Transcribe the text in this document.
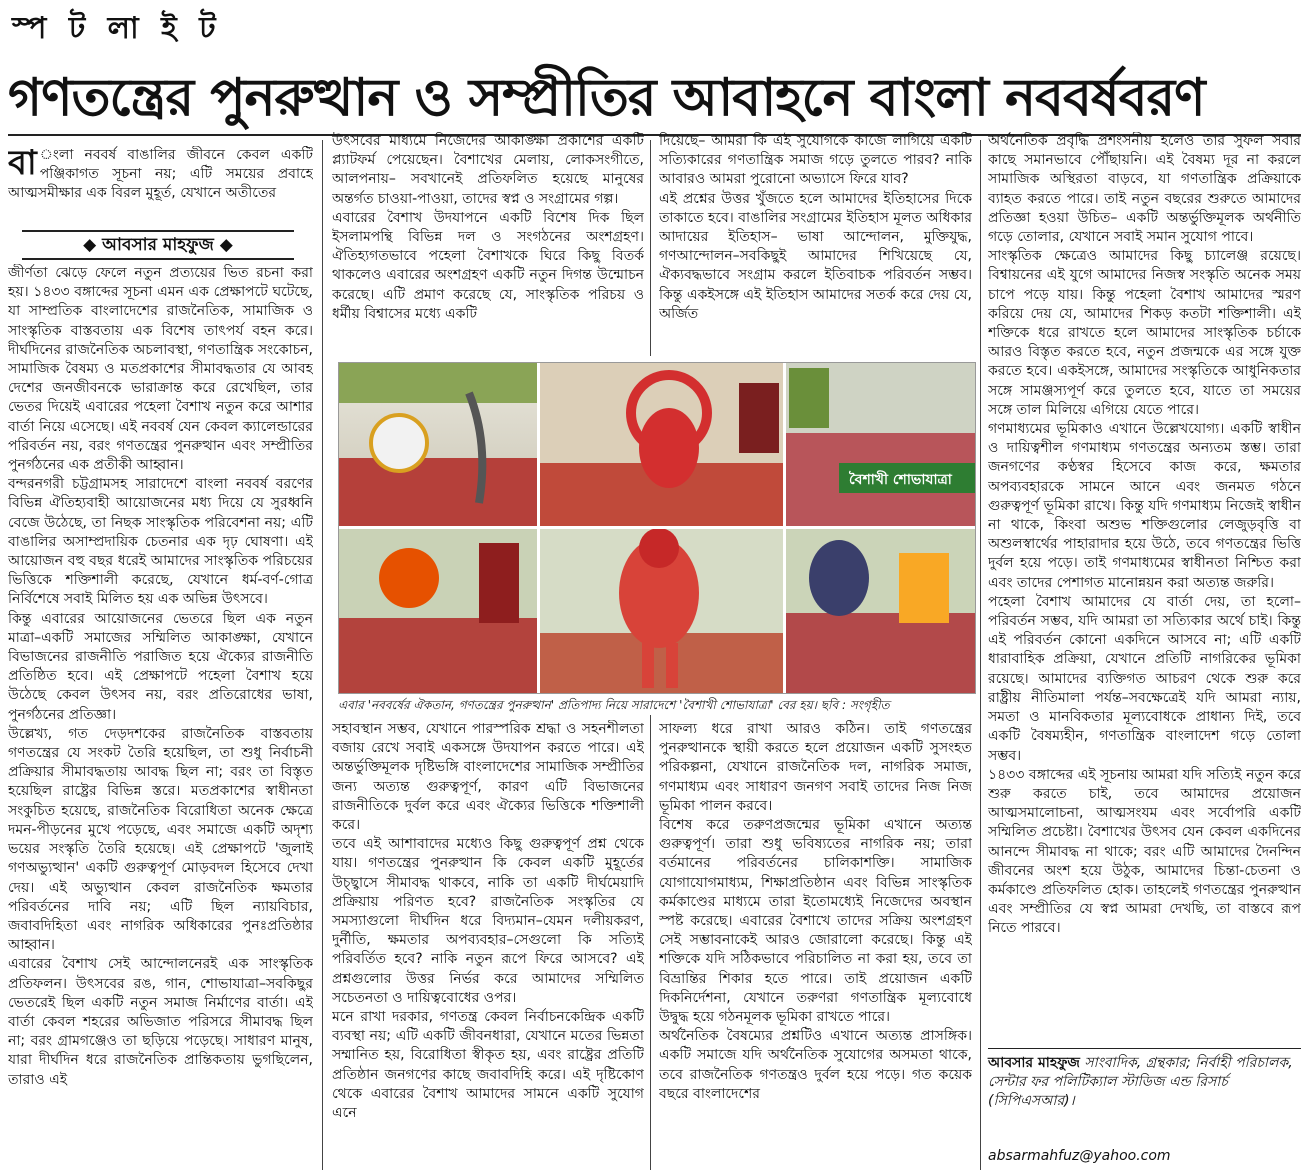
স্প ট লা ই ট
গণতন্ত্রের পুনরুত্থান ও সম্প্রীতির আবাহনে বাংলা নববর্ষবরণ

বা ংলা নববর্ষ বাঙালির জীবনে কেবল একটি পঞ্জিকাগত সূচনা নয়; এটি সময়ের প্রবাহে আত্মসমীক্ষার এক বিরল মুহূর্ত, যেখানে অতীতের

◆ আবসার মাহফুজ ◆

জীর্ণতা ঝেড়ে ফেলে নতুন প্রত্যয়ের ভিত রচনা করা হয়। ১৪৩৩ বঙ্গাব্দের সূচনা এমন এক প্রেক্ষাপটে ঘটেছে, যা সাম্প্রতিক বাংলাদেশের রাজনৈতিক, সামাজিক ও সাংস্কৃতিক বাস্তবতায় এক বিশেষ তাৎপর্য বহন করে। দীর্ঘদিনের রাজনৈতিক অচলাবস্থা, গণতান্ত্রিক সংকোচন, সামাজিক বৈষম্য ও মতপ্রকাশের সীমাবদ্ধতার যে আবহ দেশের জনজীবনকে ভারাক্রান্ত করে রেখেছিল, তার ভেতর দিয়েই এবারের পহেলা বৈশাখ নতুন করে আশার বার্তা নিয়ে এসেছে। এই নববর্ষ যেন কেবল ক্যালেন্ডারের পরিবর্তন নয়, বরং গণতন্ত্রের পুনরুত্থান এবং সম্প্রীতির পুনর্গঠনের এক প্রতীকী আহ্বান।

বন্দরনগরী চট্টগ্রামসহ সারাদেশে বাংলা নববর্ষ বরণের বিভিন্ন ঐতিহ্যবাহী আয়োজনের মধ্য দিয়ে যে সুরধ্বনি বেজে উঠেছে, তা নিছক সাংস্কৃতিক পরিবেশনা নয়; এটি বাঙালির অসাম্প্রদায়িক চেতনার এক দৃঢ় ঘোষণা। এই আয়োজন বহু বছর ধরেই আমাদের সাংস্কৃতিক পরিচয়ের ভিত্তিকে শক্তিশালী করেছে, যেখানে ধর্ম-বর্ণ-গোত্র নির্বিশেষে সবাই মিলিত হয় এক অভিন্ন উৎসবে।

কিন্তু এবারের আয়োজনের ভেতরে ছিল এক নতুন মাত্রা–একটি সমাজের সম্মিলিত আকাঙ্ক্ষা, যেখানে বিভাজনের রাজনীতি পরাজিত হয়ে ঐক্যের রাজনীতি প্রতিষ্ঠিত হবে। এই প্রেক্ষাপটে পহেলা বৈশাখ হয়ে উঠেছে কেবল উৎসব নয়, বরং প্রতিরোধের ভাষা, পুনর্গঠনের প্রতিজ্ঞা।

উল্লেখ্য, গত দেড়দশকের রাজনৈতিক বাস্তবতায় গণতন্ত্রের যে সংকট তৈরি হয়েছিল, তা শুধু নির্বাচনী প্রক্রিয়ার সীমাবদ্ধতায় আবদ্ধ ছিল না; বরং তা বিস্তৃত হয়েছিল রাষ্ট্রের বিভিন্ন স্তরে। মতপ্রকাশের স্বাধীনতা সংকুচিত হয়েছে, রাজনৈতিক বিরোধিতা অনেক ক্ষেত্রে দমন-পীড়নের মুখে পড়েছে, এবং সমাজে একটি অদৃশ্য ভয়ের সংস্কৃতি তৈরি হয়েছে। এই প্রেক্ষাপটে 'জুলাই গণঅভ্যুত্থান' একটি গুরুত্বপূর্ণ মোড়বদল হিসেবে দেখা দেয়। এই অভ্যুত্থান কেবল রাজনৈতিক ক্ষমতার পরিবর্তনের দাবি নয়; এটি ছিল ন্যায়বিচার, জবাবদিহিতা এবং নাগরিক অধিকারের পুনঃপ্রতিষ্ঠার আহ্বান।

এবারের বৈশাখ সেই আন্দোলনেরই এক সাংস্কৃতিক প্রতিফলন। উৎসবের রঙ, গান, শোভাযাত্রা–সবকিছুর ভেতরেই ছিল একটি নতুন সমাজ নির্মাণের বার্তা। এই বার্তা কেবল শহরের অভিজাত পরিসরে সীমাবদ্ধ ছিল না; বরং গ্রামগঞ্জেও তা ছড়িয়ে পড়েছে। সাধারণ মানুষ, যারা দীর্ঘদিন ধরে রাজনৈতিক প্রান্তিকতায় ভুগছিলেন, তারাও এই

উৎসবের মাধ্যমে নিজেদের আকাঙ্ক্ষা প্রকাশের একটি প্ল্যাটফর্ম পেয়েছেন। বৈশাখের মেলায়, লোকসংগীতে, আলপনায়– সবখানেই প্রতিফলিত হয়েছে মানুষের অন্তর্গত চাওয়া-পাওয়া, তাদের স্বপ্ন ও সংগ্রামের গল্প।

এবারের বৈশাখ উদযাপনে একটি বিশেষ দিক ছিল ইসলামপন্থি বিভিন্ন দল ও সংগঠনের অংশগ্রহণ। ঐতিহ্যগতভাবে পহেলা বৈশাখকে ঘিরে কিছু বিতর্ক থাকলেও এবারের অংশগ্রহণ একটি নতুন দিগন্ত উন্মোচন করেছে। এটি প্রমাণ করেছে যে, সাংস্কৃতিক পরিচয় ও ধর্মীয় বিশ্বাসের মধ্যে একটি

সহাবস্থান সম্ভব, যেখানে পারস্পরিক শ্রদ্ধা ও সহনশীলতা বজায় রেখে সবাই একসঙ্গে উদযাপন করতে পারে। এই অন্তর্ভুক্তিমূলক দৃষ্টিভঙ্গি বাংলাদেশের সামাজিক সম্প্রীতির জন্য অত্যন্ত গুরুত্বপূর্ণ, কারণ এটি বিভাজনের রাজনীতিকে দুর্বল করে এবং ঐক্যের ভিত্তিকে শক্তিশালী করে।

তবে এই আশাবাদের মধ্যেও কিছু গুরুত্বপূর্ণ প্রশ্ন থেকে যায়। গণতন্ত্রের পুনরুত্থান কি কেবল একটি মুহূর্তের উচ্ছ্বাসে সীমাবদ্ধ থাকবে, নাকি তা একটি দীর্ঘমেয়াদি প্রক্রিয়ায় পরিণত হবে? রাজনৈতিক সংস্কৃতির যে সমস্যাগুলো দীর্ঘদিন ধরে বিদ্যমান–যেমন দলীয়করণ, দুর্নীতি, ক্ষমতার অপব্যবহার–সেগুলো কি সত্যিই পরিবর্তিত হবে? নাকি নতুন রূপে ফিরে আসবে? এই প্রশ্নগুলোর উত্তর নির্ভর করে আমাদের সম্মিলিত সচেতনতা ও দায়িত্ববোধের ওপর।

মনে রাখা দরকার, গণতন্ত্র কেবল নির্বাচনকেন্দ্রিক একটি ব্যবস্থা নয়; এটি একটি জীবনধারা, যেখানে মতের ভিন্নতা সম্মানিত হয়, বিরোধিতা স্বীকৃত হয়, এবং রাষ্ট্রের প্রতিটি প্রতিষ্ঠান জনগণের কাছে জবাবদিহি করে। এই দৃষ্টিকোণ থেকে এবারের বৈশাখ আমাদের সামনে একটি সুযোগ এনে

দিয়েছে– আমরা কি এই সুযোগকে কাজে লাগিয়ে একটি সত্যিকারের গণতান্ত্রিক সমাজ গড়ে তুলতে পারব? নাকি আবারও আমরা পুরোনো অভ্যাসে ফিরে যাব?

এই প্রশ্নের উত্তর খুঁজতে হলে আমাদের ইতিহাসের দিকে তাকাতে হবে। বাঙালির সংগ্রামের ইতিহাস মূলত অধিকার আদায়ের ইতিহাস– ভাষা আন্দোলন, মুক্তিযুদ্ধ, গণআন্দোলন–সবকিছুই আমাদের শিখিয়েছে যে, ঐক্যবদ্ধভাবে সংগ্রাম করলে ইতিবাচক পরিবর্তন সম্ভব। কিন্তু একইসঙ্গে এই ইতিহাস আমাদের সতর্ক করে দেয় যে, অর্জিত

সাফল্য ধরে রাখা আরও কঠিন। তাই গণতন্ত্রের পুনরুত্থানকে স্থায়ী করতে হলে প্রয়োজন একটি সুসংহত পরিকল্পনা, যেখানে রাজনৈতিক দল, নাগরিক সমাজ, গণমাধ্যম এবং সাধারণ জনগণ সবাই তাদের নিজ নিজ ভূমিকা পালন করবে।

বিশেষ করে তরুণপ্রজন্মের ভূমিকা এখানে অত্যন্ত গুরুত্বপূর্ণ। তারা শুধু ভবিষ্যতের নাগরিক নয়; তারা বর্তমানের পরিবর্তনের চালিকাশক্তি। সামাজিক যোগাযোগমাধ্যম, শিক্ষাপ্রতিষ্ঠান এবং বিভিন্ন সাংস্কৃতিক কর্মকাণ্ডের মাধ্যমে তারা ইতোমধ্যেই নিজেদের অবস্থান স্পষ্ট করেছে। এবারের বৈশাখে তাদের সক্রিয় অংশগ্রহণ সেই সম্ভাবনাকেই আরও জোরালো করেছে। কিন্তু এই শক্তিকে যদি সঠিকভাবে পরিচালিত না করা হয়, তবে তা বিভ্রান্তির শিকার হতে পারে। তাই প্রয়োজন একটি দিকনির্দেশনা, যেখানে তরুণরা গণতান্ত্রিক মূল্যবোধে উদ্বুদ্ধ হয়ে গঠনমূলক ভূমিকা রাখতে পারে।

অর্থনৈতিক বৈষম্যের প্রশ্নটিও এখানে অত্যন্ত প্রাসঙ্গিক। একটি সমাজে যদি অর্থনৈতিক সুযোগের অসমতা থাকে, তবে রাজনৈতিক গণতন্ত্রও দুর্বল হয়ে পড়ে। গত কয়েক বছরে বাংলাদেশের

বৈশাখী শোভাযাত্রা
এবার 'নববর্ষের ঐকতান, গণতন্ত্রের পুনরুত্থান' প্রতিপাদ্য নিয়ে সারাদেশে 'বৈশাখী শোভাযাত্রা' বের হয়। ছবি : সংগৃহীত

অর্থনৈতিক প্রবৃদ্ধি প্রশংসনীয় হলেও তার সুফল সবার কাছে সমানভাবে পৌঁছায়নি। এই বৈষম্য দূর না করলে সামাজিক অস্থিরতা বাড়বে, যা গণতান্ত্রিক প্রক্রিয়াকে ব্যাহত করতে পারে। তাই নতুন বছরের শুরুতে আমাদের প্রতিজ্ঞা হওয়া উচিত– একটি অন্তর্ভুক্তিমূলক অর্থনীতি গড়ে তোলার, যেখানে সবাই সমান সুযোগ পাবে।

সাংস্কৃতিক ক্ষেত্রেও আমাদের কিছু চ্যালেঞ্জ রয়েছে। বিশ্বায়নের এই যুগে আমাদের নিজস্ব সংস্কৃতি অনেক সময় চাপে পড়ে যায়। কিন্তু পহেলা বৈশাখ আমাদের স্মরণ করিয়ে দেয় যে, আমাদের শিকড় কতটা শক্তিশালী। এই শক্তিকে ধরে রাখতে হলে আমাদের সাংস্কৃতিক চর্চাকে আরও বিস্তৃত করতে হবে, নতুন প্রজন্মকে এর সঙ্গে যুক্ত করতে হবে। একইসঙ্গে, আমাদের সংস্কৃতিকে আধুনিকতার সঙ্গে সামঞ্জস্যপূর্ণ করে তুলতে হবে, যাতে তা সময়ের সঙ্গে তাল মিলিয়ে এগিয়ে যেতে পারে।

গণমাধ্যমের ভূমিকাও এখানে উল্লেখযোগ্য। একটি স্বাধীন ও দায়িত্বশীল গণমাধ্যম গণতন্ত্রের অন্যতম স্তম্ভ। তারা জনগণের কণ্ঠস্বর হিসেবে কাজ করে, ক্ষমতার অপব্যবহারকে সামনে আনে এবং জনমত গঠনে গুরুত্বপূর্ণ ভূমিকা রাখে। কিন্তু যদি গণমাধ্যম নিজেই স্বাধীন না থাকে, কিংবা অশুভ শক্তিগুলোর লেজুড়বৃত্তি বা অশুলস্বার্থের পাহারাদার হয়ে উঠে, তবে গণতন্ত্রের ভিত্তি দুর্বল হয়ে পড়ে। তাই গণমাধ্যমের স্বাধীনতা নিশ্চিত করা এবং তাদের পেশাগত মানোন্নয়ন করা অত্যন্ত জরুরি।

পহেলা বৈশাখ আমাদের যে বার্তা দেয়, তা হলো–পরিবর্তন সম্ভব, যদি আমরা তা সত্যিকার অর্থে চাই। কিন্তু এই পরিবর্তন কোনো একদিনে আসবে না; এটি একটি ধারাবাহিক প্রক্রিয়া, যেখানে প্রতিটি নাগরিকের ভূমিকা রয়েছে। আমাদের ব্যক্তিগত আচরণ থেকে শুরু করে রাষ্ট্রীয় নীতিমালা পর্যন্ত–সবক্ষেত্রেই যদি আমরা ন্যায়, সমতা ও মানবিকতার মূল্যবোধকে প্রাধান্য দিই, তবে একটি বৈষম্যহীন, গণতান্ত্রিক বাংলাদেশ গড়ে তোলা সম্ভব।

১৪৩৩ বঙ্গাব্দের এই সূচনায় আমরা যদি সত্যিই নতুন করে শুরু করতে চাই, তবে আমাদের প্রয়োজন আত্মসমালোচনা, আত্মসংযম এবং সর্বোপরি একটি সম্মিলিত প্রচেষ্টা। বৈশাখের উৎসব যেন কেবল একদিনের আনন্দে সীমাবদ্ধ না থাকে; বরং এটি আমাদের দৈনন্দিন জীবনের অংশ হয়ে উঠুক, আমাদের চিন্তা-চেতনা ও কর্মকাণ্ডে প্রতিফলিত হোক। তাহলেই গণতন্ত্রের পুনরুত্থান এবং সম্প্রীতির যে স্বপ্ন আমরা দেখছি, তা বাস্তবে রূপ নিতে পারবে।

আবসার মাহফুজ সাংবাদিক, গ্রন্থকার; নির্বাহী পরিচালক, সেন্টার ফর পলিটিক্যাল স্টাডিজ এন্ড রিসার্চ (সিপিএসআর)।
absarmahfuz@yahoo.com
